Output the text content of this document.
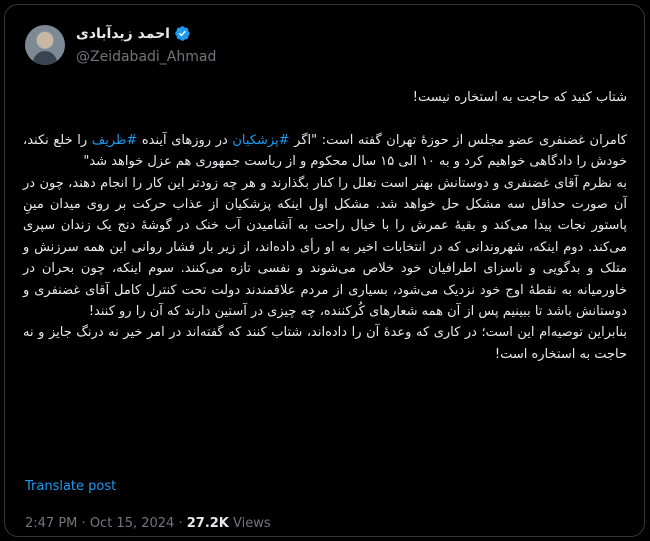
احمد زیدآبادی
@Zeidabadi_Ahmad

شتاب کنید که حاجت به استخاره نیست!

کامران غضنفری عضو مجلس از حوزهٔ تهران گفته است: "اگر #پزشکیان در روزهای آینده #ظریف را خلع نکند، خودش را دادگاهی خواهیم کرد و به ۱۰ الی ۱۵ سال محکوم و از ریاست جمهوری هم عزل خواهد شد"

به نظرم آقای غضنفری و دوستانش بهتر است تعلل را کنار بگذارند و هر چه زودتر این کار را انجام دهند، چون در آن صورت حداقل سه مشکل حل خواهد شد. مشکل اول اینکه پزشکیان از عذاب حرکت بر روی میدان مینِ پاستور نجات پیدا می‌کند و بقیهٔ عمرش را با خیال راحت به آشامیدن آب خنک در گوشهٔ دنج یک زندان سپری می‌کند. دوم اینکه، شهروندانی که در انتخابات اخیر به او رأی داده‌اند، از زیر بار فشار روانی این همه سرزنش و متلک و بدگویی و ناسزای اطرافیان خود خلاص می‌شوند و نفسی تازه می‌کنند. سوم اینکه، چون بحران در خاورمیانه به نقطهٔ اوج خود نزدیک می‌شود، بسیاری از مردم علاقمندند دولت تحت کنترل کامل آقای غضنفری و دوستانش باشد تا ببینیم پس از آن همه شعارهای کُرکننده، چه چیزی در آستین دارند که آن را رو کنند!

بنابراین توصیه‌ام این است؛ در کاری که وعدهٔ آن را داده‌اند، شتاب کنند که گفته‌اند در امر خیر نه درنگ جایز و نه حاجت به استخاره است!

Translate post
2:47 PM · Oct 15, 2024 · 27.2K Views
